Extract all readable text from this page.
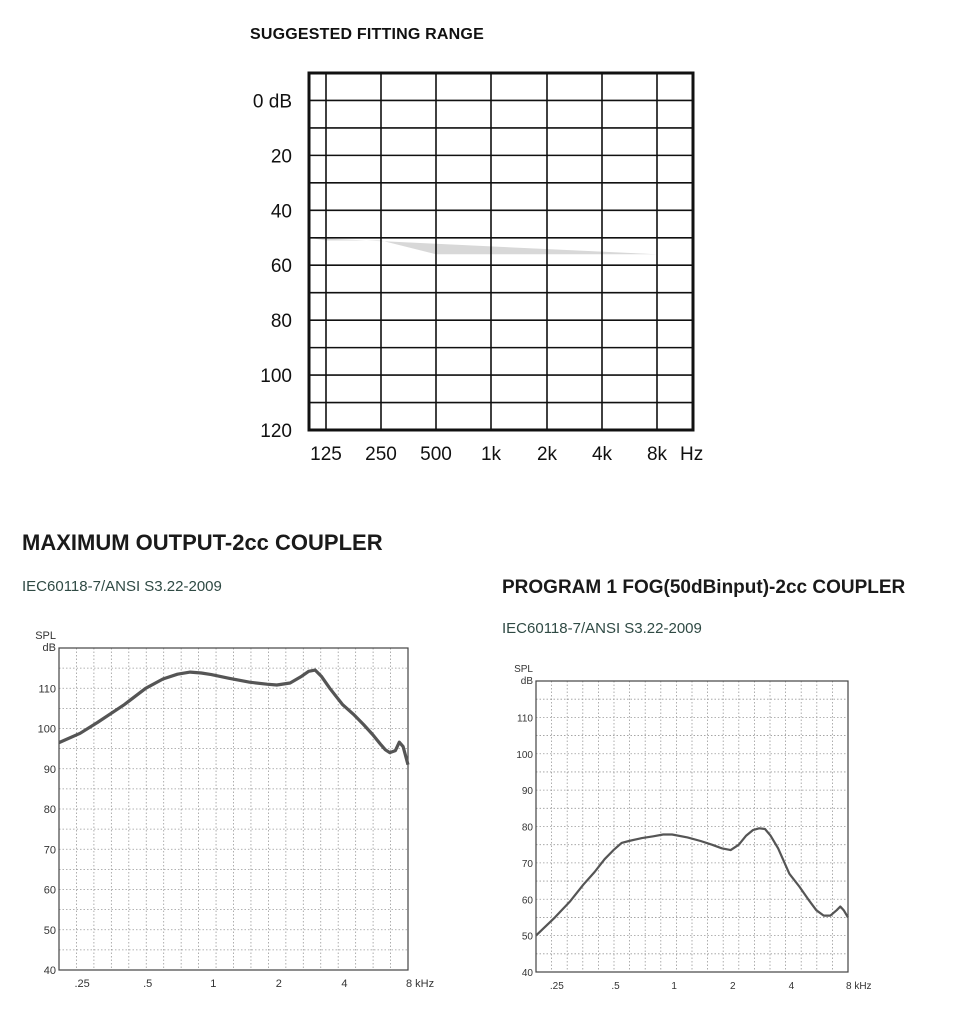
SUGGESTED FITTING RANGE
MAXIMUM OUTPUT-2cc COUPLER
IEC60118-7/ANSI S3.22-2009	PROGRAM 1 FOG(50dBinput)-2cc COUPLER
IEC60118-7/ANSI S3.22-2009
0 dB
20
40
60
80
100
120
125 250 500 1k 2k 4k 8k Hz
40
50
60
70
80
90
100
110
SPL
dB
.25	.5	1	2	4	8 kHz
40
50
60
70
80
90
100
110
SPL
dB
.25	.5	1	2	4	8 kHz
